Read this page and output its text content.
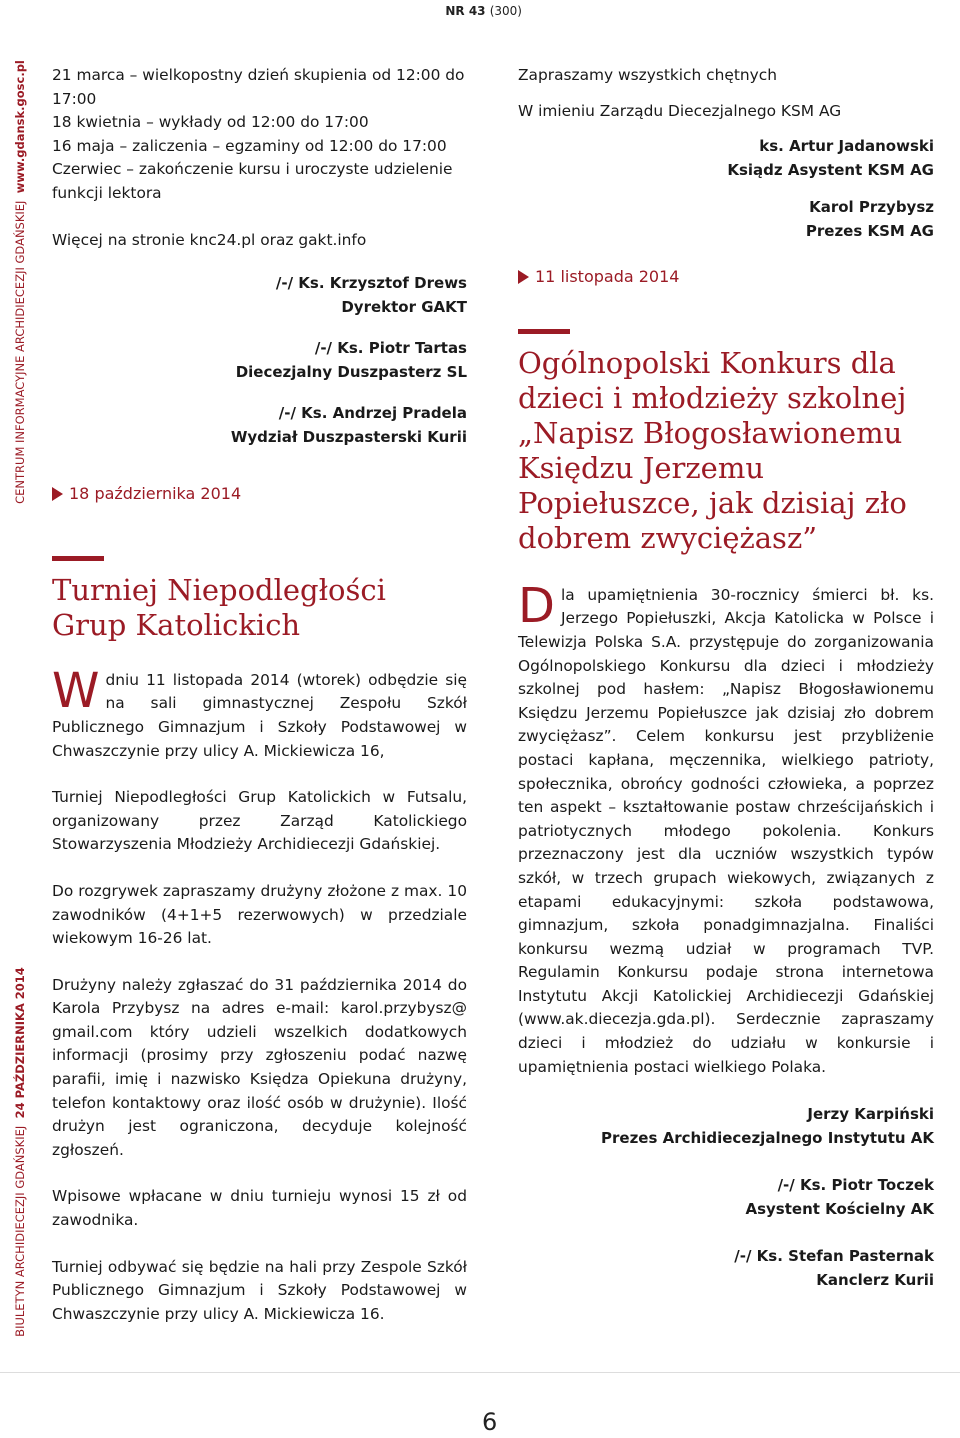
NR 43 (300)
CENTRUM INFORMACYJNE ARCHIDIECEZJI GDAŃSKIEJ  www.gdansk.gosc.pl
BIULETYN ARCHIDIECEZJI GDAŃSKIEJ  24 PAŹDZIERNIKA 2014

21 marca – wielkopostny dzień skupienia od 12:00 do 17:00

18 kwietnia – wykłady od 12:00 do 17:00

16 maja – zaliczenia – egzaminy od 12:00 do 17:00

Czerwiec – zakończenie kursu i uroczyste udzielenie funkcji lektora

Więcej na stronie knc24.pl oraz gakt.info

/-/ Ks. Krzysztof Drews
Dyrektor GAKT
/-/ Ks. Piotr Tartas
Diecezjalny Duszpasterz SL
/-/ Ks. Andrzej Pradela
Wydział Duszpasterski Kurii
18 października 2014
Turniej Niepodległości Grup Katolickich

Wdniu 11 listopada 2014 (wtorek) odbędzie się na sali gimnastycznej Zespołu Szkół Publicznego Gimnazjum i Szkoły Podstawowej w Chwaszczynie przy ulicy A. Mickiewicza 16,

Turniej Niepodległości Grup Katolickich w Futsalu, organizowany przez Zarząd Katolickiego Stowarzyszenia Młodzieży Archidiecezji Gdańskiej.

Do rozgrywek zapraszamy drużyny złożone z max. 10 zawodników (4+1+5 rezerwowych) w przedziale wiekowym 16-26 lat.

Drużyny należy zgłaszać do 31 października 2014 do Karola Przybysz na adres e-mail: karol.przybysz@ gmail.com który udzieli wszelkich dodatkowych informacji (prosimy przy zgłoszeniu podać nazwę parafii, imię i nazwisko Księdza Opiekuna drużyny, telefon kontaktowy oraz ilość osób w drużynie). Ilość drużyn jest ograniczona, decyduje kolejność zgłoszeń.

Wpisowe wpłacane w dniu turnieju wynosi 15 zł od zawodnika.

Turniej odbywać się będzie na hali przy Zespole Szkół Publicznego Gimnazjum i Szkoły Podstawowej w Chwaszczynie przy ulicy A. Mickiewicza 16.

Zapraszamy wszystkich chętnych

W imieniu Zarządu Diecezjalnego KSM AG

ks. Artur Jadanowski
Ksiądz Asystent KSM AG
Karol Przybysz
Prezes KSM AG
11 listopada 2014
Ogólnopolski Konkurs dla dzieci i młodzieży szkolnej „Napisz Błogosławionemu Księdzu Jerzemu Popiełuszce, jak dzisiaj zło dobrem zwyciężasz”

Dla upamiętnienia 30-rocznicy śmierci bł. ks. Jerzego Popiełuszki, Akcja Katolicka w Polsce i Telewizja Polska S.A. przystępuje do zorganizowania Ogólnopolskiego Konkursu dla dzieci i młodzieży szkolnej pod hasłem: „Napisz Błogosławionemu Księdzu Jerzemu Popiełuszce jak dzisiaj zło dobrem zwyciężasz”. Celem konkursu jest przybliżenie postaci kapłana, męczennika, wielkiego patrioty, społecznika, obrońcy godności człowieka, a poprzez ten aspekt – kształtowanie postaw chrześcijańskich i patriotycznych młodego pokolenia. Konkurs przeznaczony jest dla uczniów wszystkich typów szkół, w trzech grupach wiekowych, związanych z etapami edukacyjnymi: szkoła podstawowa, gimnazjum, szkoła ponadgimnazjalna. Finaliści konkursu wezmą udział w programach TVP. Regulamin Konkursu podaje strona internetowa Instytutu Akcji Katolickiej Archidiecezji Gdańskiej (www.ak.diecezja.gda.pl). Serdecznie zapraszamy dzieci i młodzież do udziału w konkursie i upamiętnienia postaci wielkiego Polaka.

Jerzy Karpiński
Prezes Archidiecezjalnego Instytutu AK
/-/ Ks. Piotr Toczek
Asystent Kościelny AK
/-/ Ks. Stefan Pasternak
Kanclerz Kurii
6
